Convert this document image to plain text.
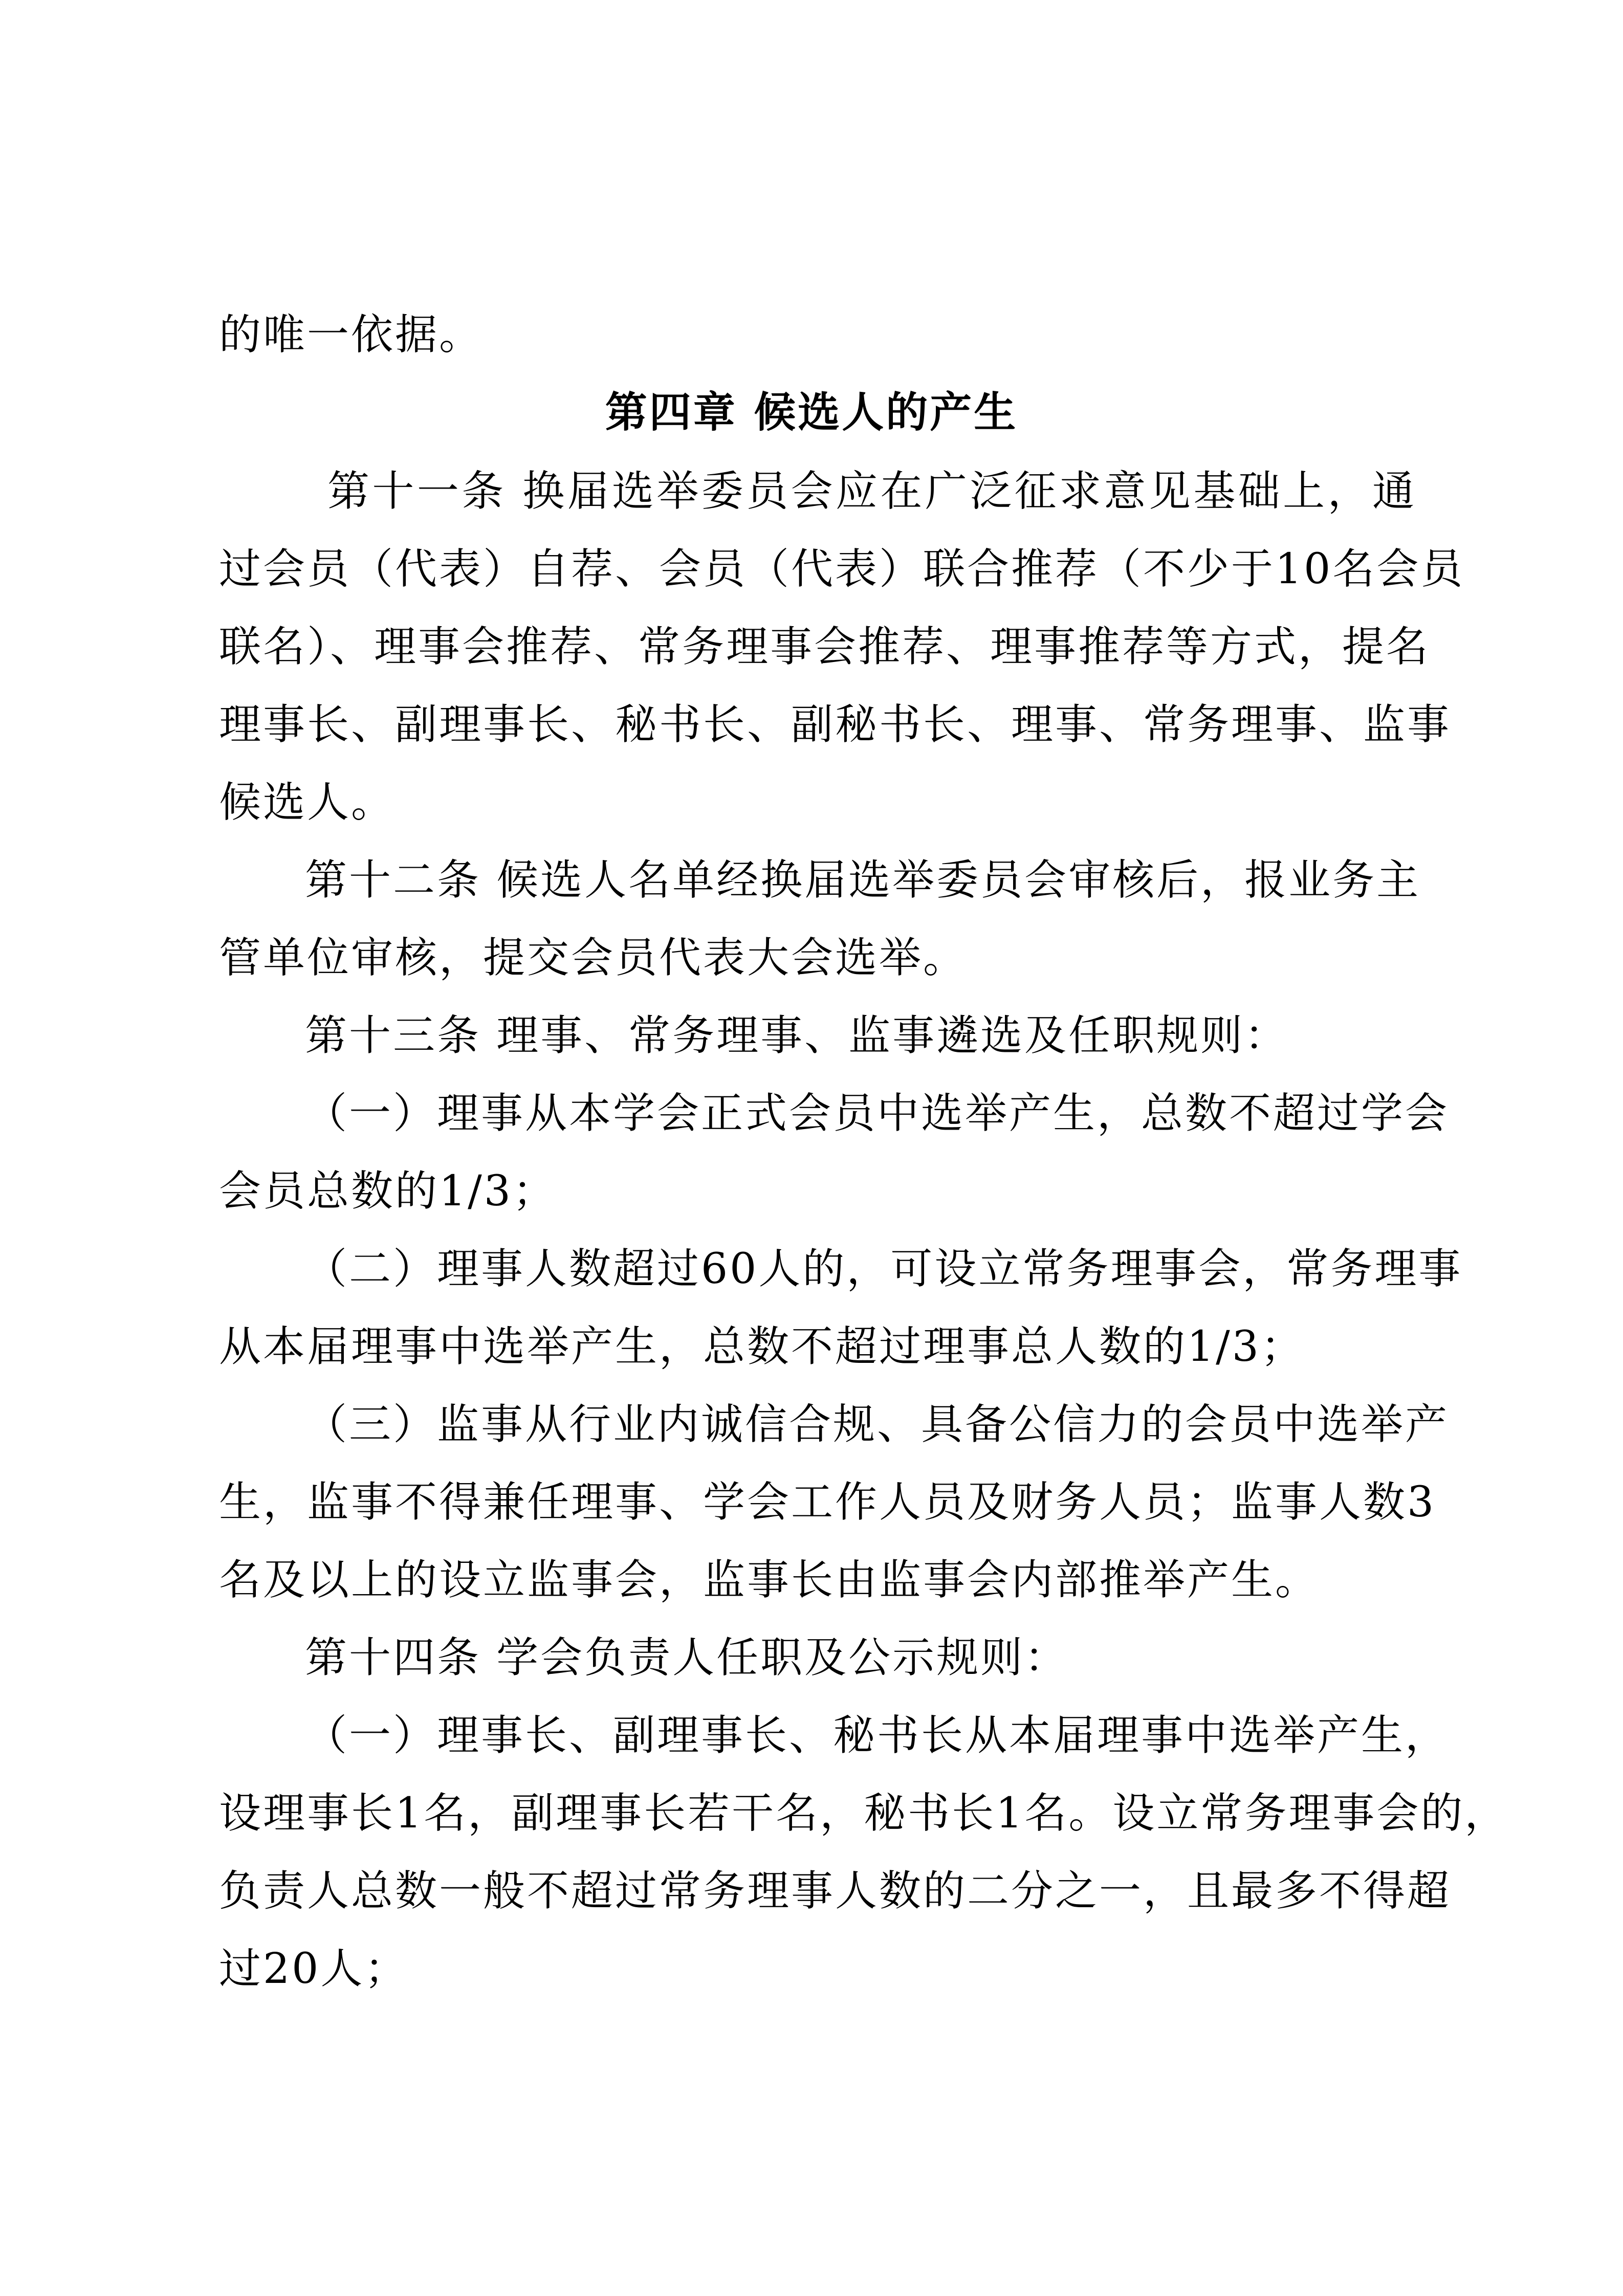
的唯一依据。
第四章 候选人的产生
第十一条 换届选举委员会应在广泛征求意见基础上，通
过会员（代表）自荐、会员（代表）联合推荐（不少于10名会员
联名）、理事会推荐、常务理事会推荐、理事推荐等方式，提名
理事长、副理事长、秘书长、副秘书长、理事、常务理事、监事
候选人。
第十二条 候选人名单经换届选举委员会审核后，报业务主
管单位审核，提交会员代表大会选举。
第十三条 理事、常务理事、监事遴选及任职规则：
（一）理事从本学会正式会员中选举产生，总数不超过学会
会员总数的1/3；
（二）理事人数超过60人的，可设立常务理事会，常务理事
从本届理事中选举产生，总数不超过理事总人数的1/3；
（三）监事从行业内诚信合规、具备公信力的会员中选举产
生，监事不得兼任理事、学会工作人员及财务人员；监事人数3
名及以上的设立监事会，监事长由监事会内部推举产生。
第十四条 学会负责人任职及公示规则：
（一）理事长、副理事长、秘书长从本届理事中选举产生，
设理事长1名，副理事长若干名，秘书长1名。设立常务理事会的，
负责人总数一般不超过常务理事人数的二分之一，且最多不得超
过20人；
